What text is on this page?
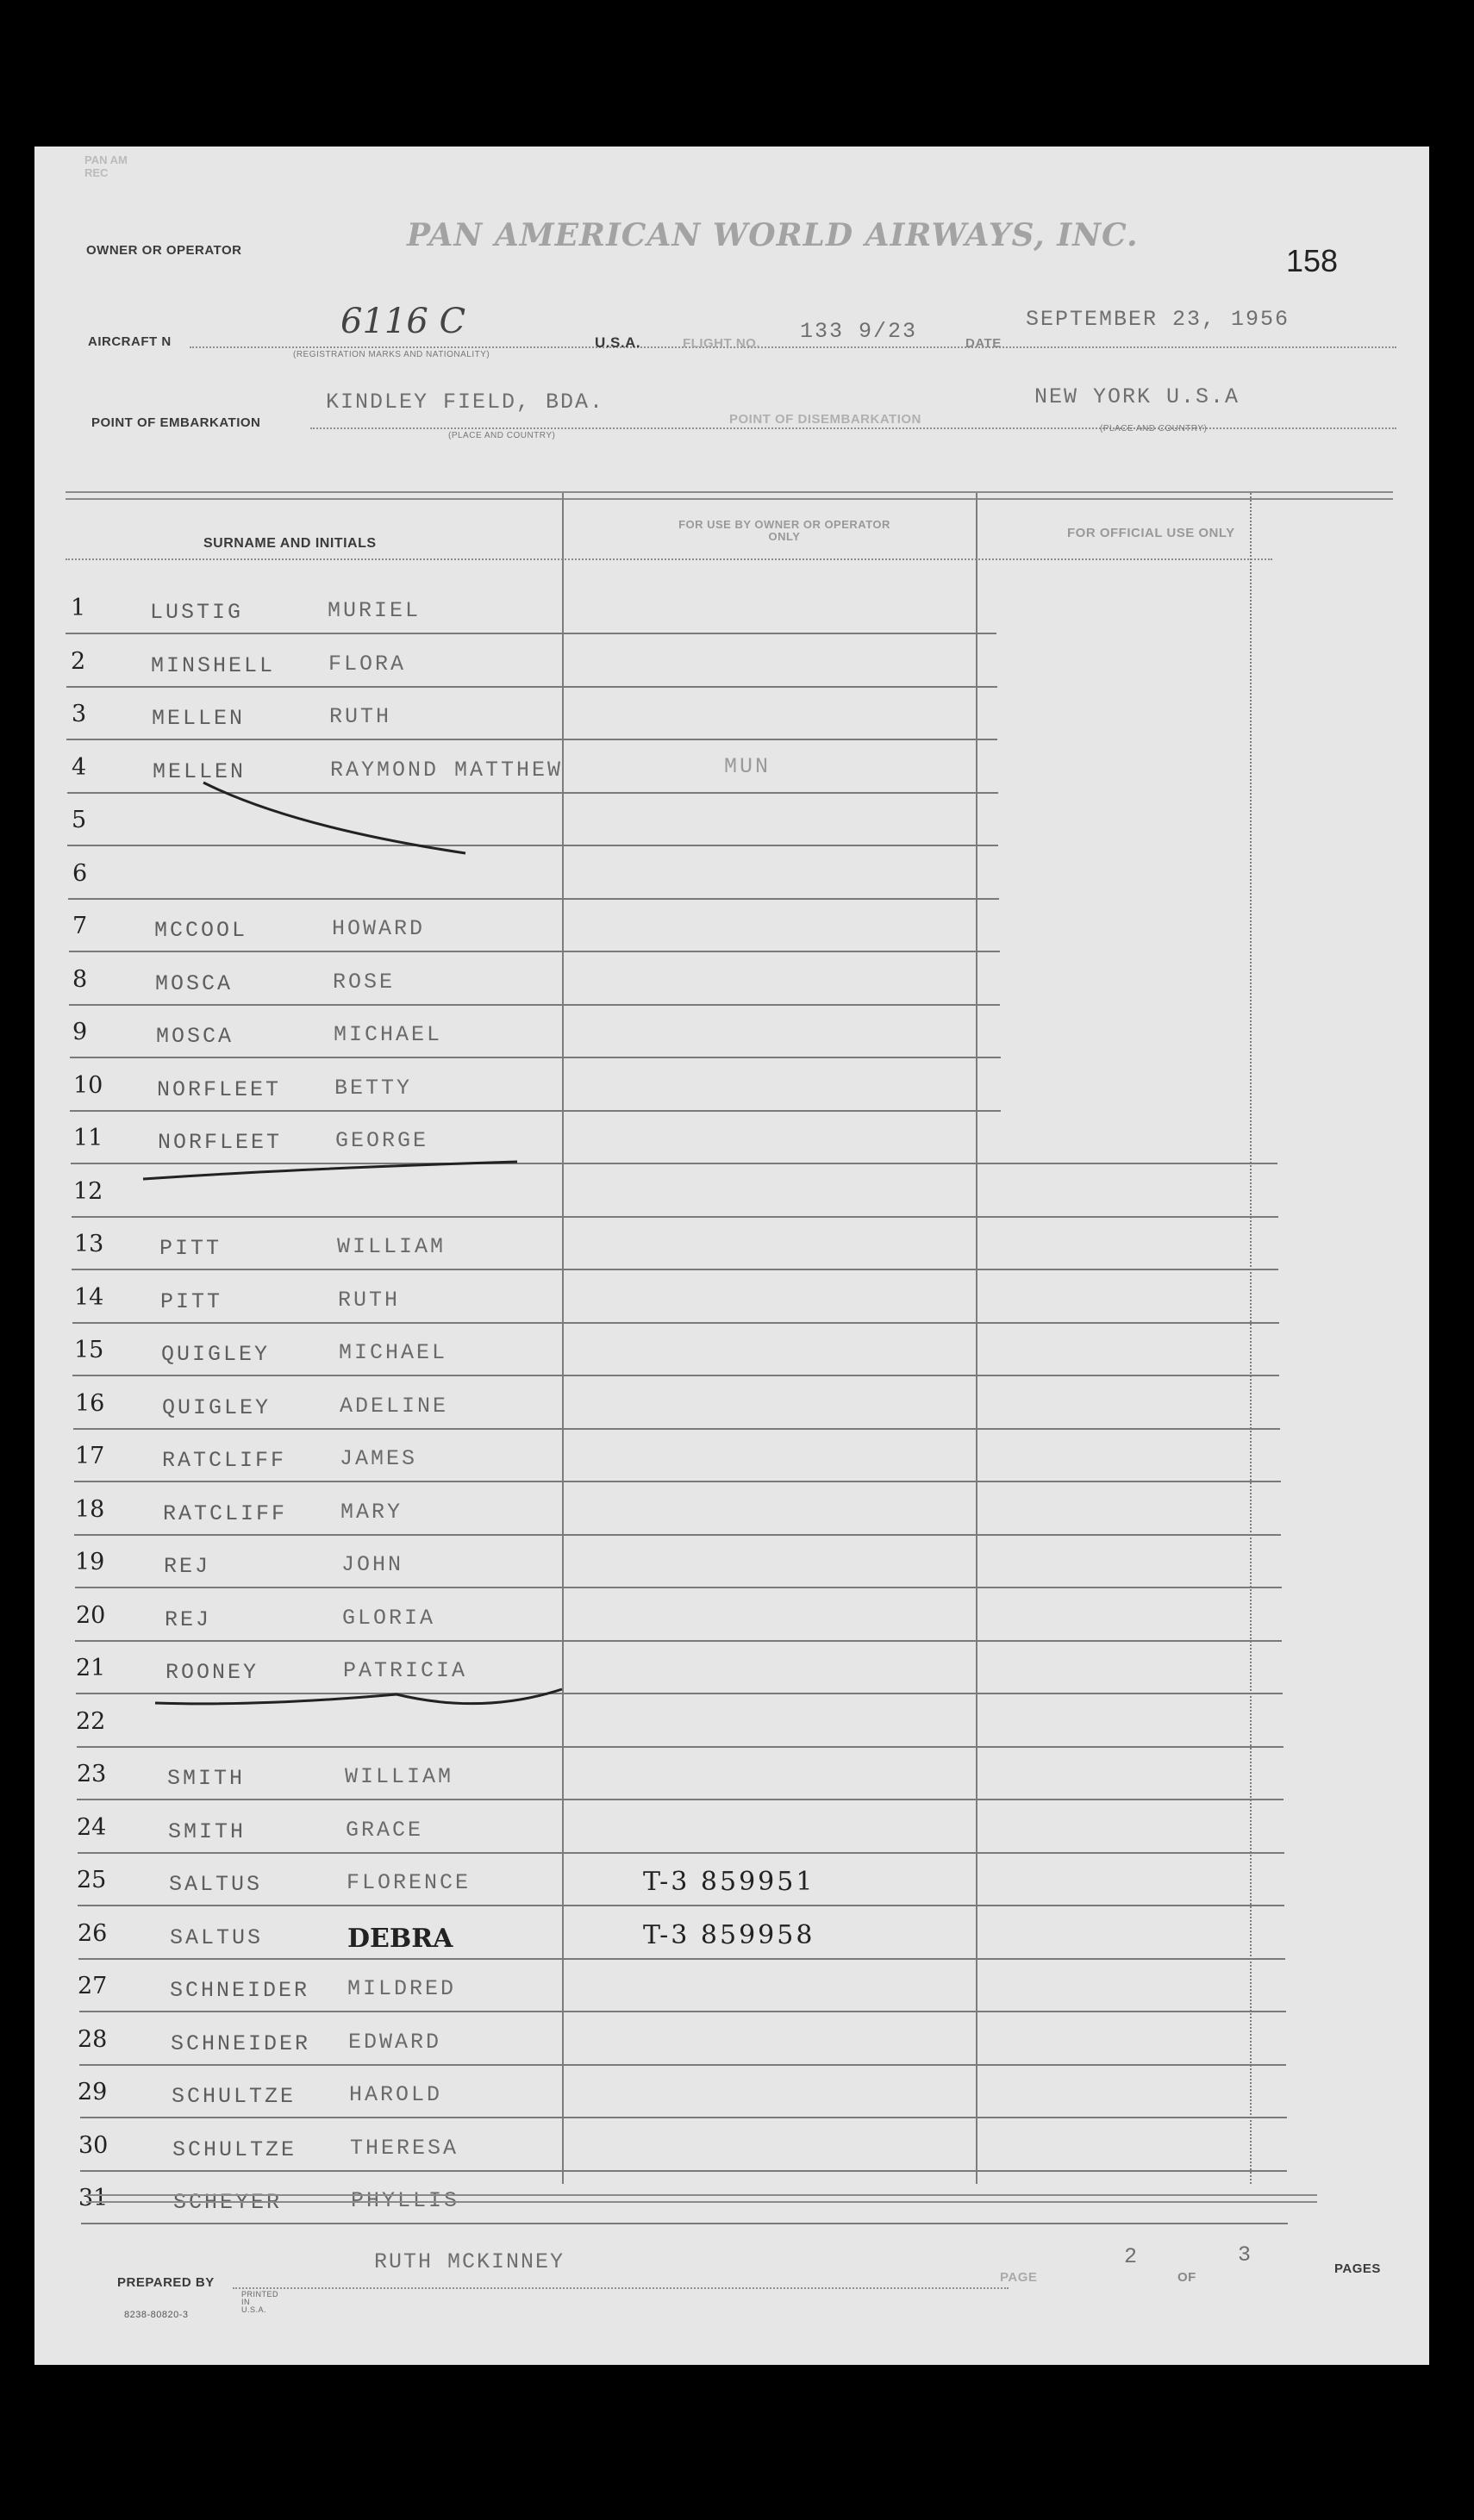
PAN AM
REC
OWNER OR OPERATOR	PAN AMERICAN WORLD AIRWAYS, INC.
158
AIRCRAFT N
6116 C
(REGISTRATION MARKS AND NATIONALITY)
U.S.A.	FLIGHT NO. 133 9/23	DATE
SEPTEMBER 23, 1956
POINT OF EMBARKATION
KINDLEY FIELD, BDA.
(PLACE AND COUNTRY)
POINT OF DISEMBARKATION
NEW YORK U.S.A
(PLACE AND COUNTRY)
SURNAME AND INITIALS
FOR USE BY OWNER OR OPERATOR ONLY	FOR OFFICIAL USE ONLY
1	LUSTIG	MURIEL
2	MINSHELL FLORA
3	MELLEN	RUTH
4	MELLEN	RAYMOND MATTHEW	MUN
5
6
7	MCCOOL	HOWARD
8	MOSCA	ROSE
9	MOSCA	MICHAEL
10	NORFLEET BETTY
11	NORFLEET GEORGE
12
13	PITT	WILLIAM
14	PITT	RUTH
15	QUIGLEY	MICHAEL
16	QUIGLEY	ADELINE
17	RATCLIFF JAMES
18	RATCLIFF MARY
19	REJ	JOHN
20	REJ	GLORIA
21	ROONEY	PATRICIA
22
23	SMITH	WILLIAM
24	SMITH	GRACE
25	SALTUS	FLORENCE	T-3 859951
26	SALTUS	DEBRA	T-3 859958
27	SCHNEIDER MILDRED
28	SCHNEIDER EDWARD
29	SCHULTZE HAROLD
30	SCHULTZE THERESA
31	SCHEYER	PHYLLIS
PREPARED BY
RUTH MCKINNEY
PAGE
2
OF
3
PAGES
8238-80820-3
PRINTED
IN
U.S.A.
